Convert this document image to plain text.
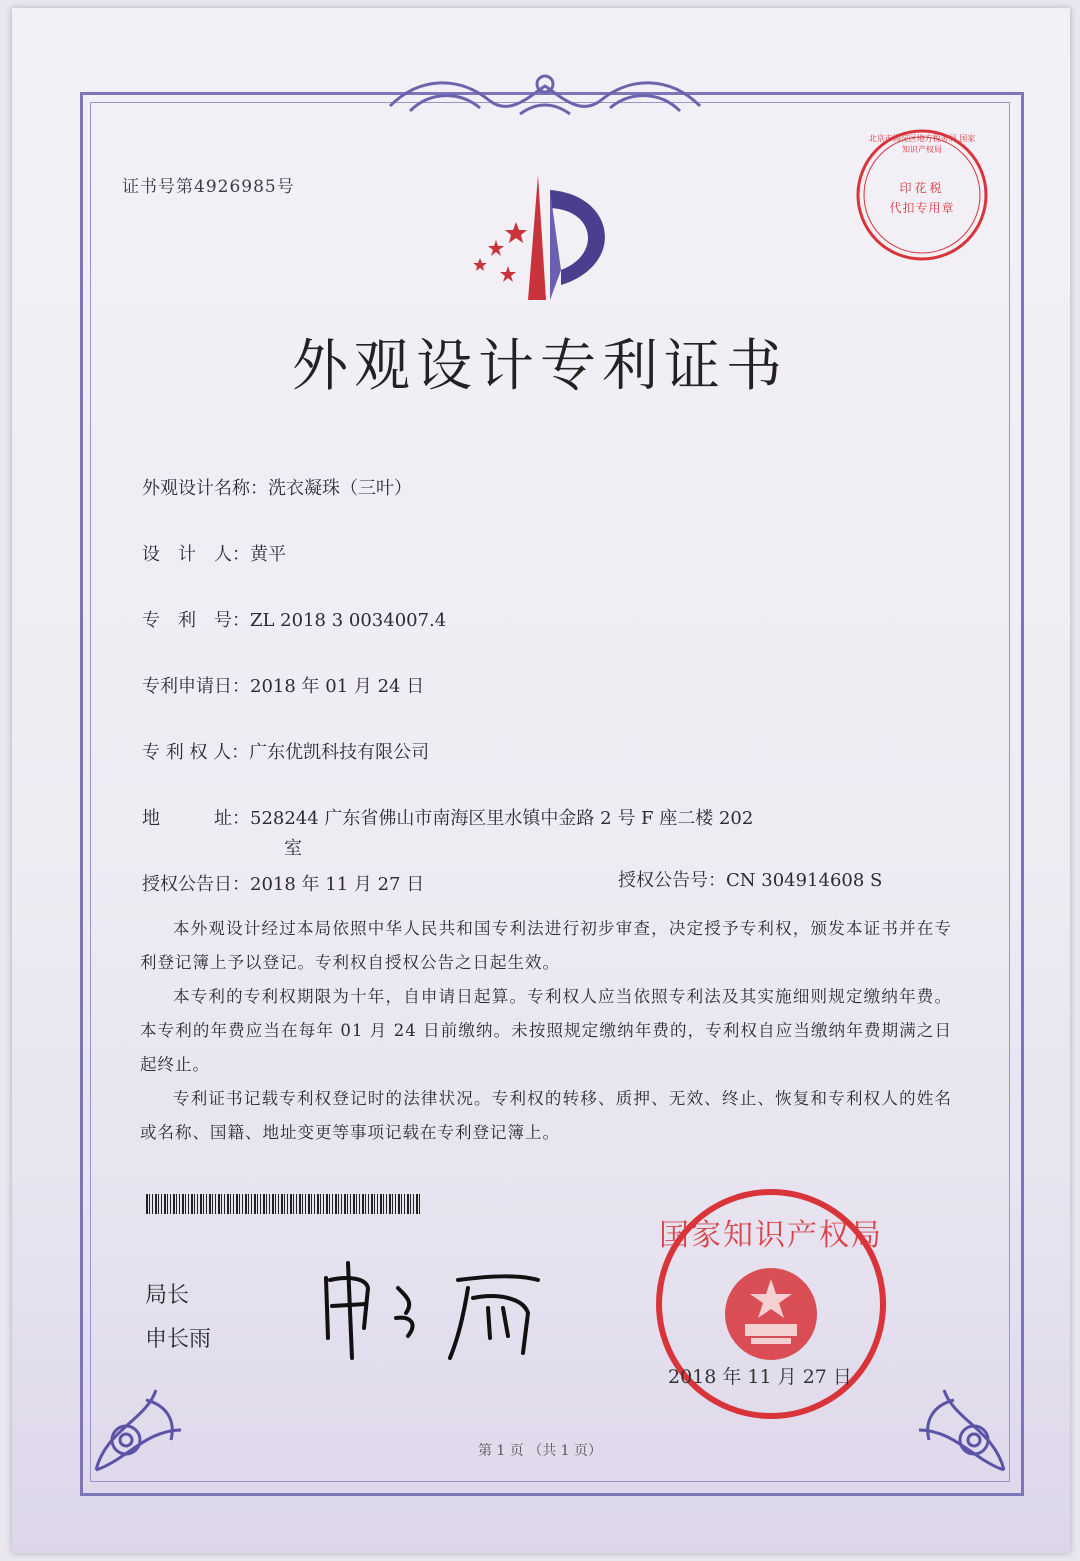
证书号第4926985号
北京市海淀区地方税务局 国家知识产权局
印花税
代扣专用章
外观设计专利证书
外观设计名称：洗衣凝珠（三叶）
设　计　人：黄平
专　利　号：ZL 2018 3 0034007.4
专利申请日：2018 年 01 月 24 日
专 利 权 人：广东优凯科技有限公司
地　　　址：528244 广东省佛山市南海区里水镇中金路 2 号 F 座二楼 202
室
授权公告日：2018 年 11 月 27 日	授权公告号：CN 304914608 S
本外观设计经过本局依照中华人民共和国专利法进行初步审查，决定授予专利权，颁发本证书并在专利登记簿上予以登记。专利权自授权公告之日起生效。
本专利的专利权期限为十年，自申请日起算。专利权人应当依照专利法及其实施细则规定缴纳年费。本专利的年费应当在每年 01 月 24 日前缴纳。未按照规定缴纳年费的，专利权自应当缴纳年费期满之日起终止。
专利证书记载专利权登记时的法律状况。专利权的转移、质押、无效、终止、恢复和专利权人的姓名或名称、国籍、地址变更等事项记载在专利登记簿上。
局长
申长雨
国家知识产权局
2018 年 11 月 27 日
第 1 页 （共 1 页）
